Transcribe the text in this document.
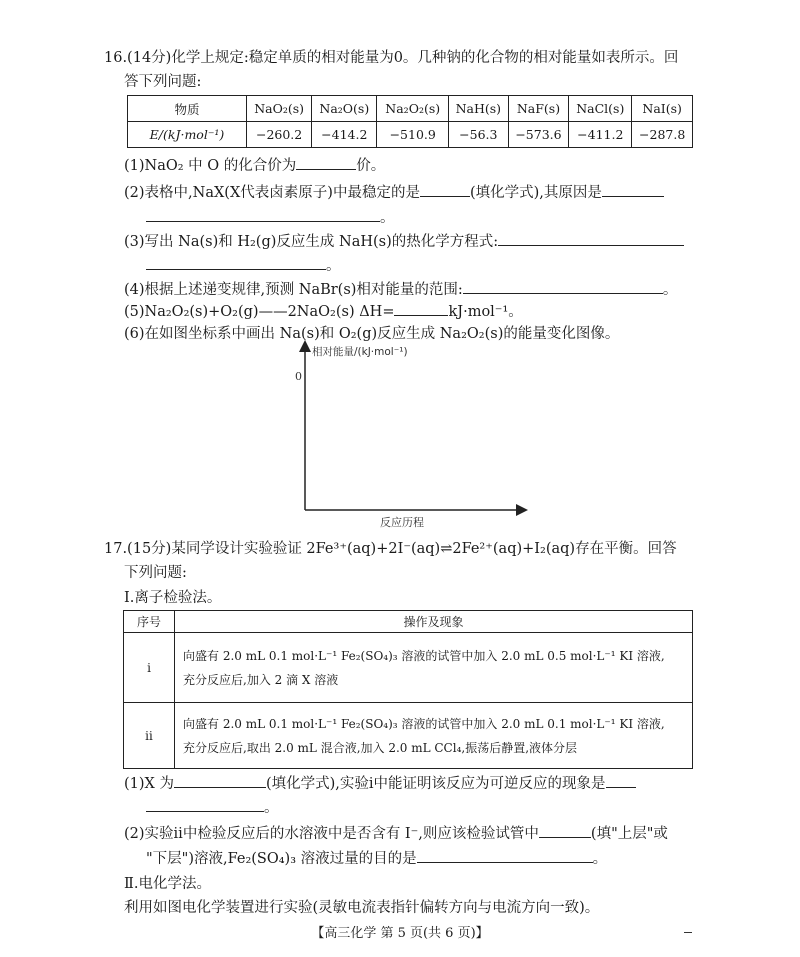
16.(14分)化学上规定:稳定单质的相对能量为0。几种钠的化合物的相对能量如表所示。回
答下列问题:
物质	NaO₂(s)	Na₂O(s)	Na₂O₂(s)	NaH(s)	NaF(s)	NaCl(s)	NaI(s)
E/(kJ·mol⁻¹)	−260.2	−414.2	−510.9	−56.3	−573.6	−411.2	−287.8
(1)NaO₂ 中 O 的化合价为	价。
(2)表格中,NaX(X代表卤素原子)中最稳定的是	(填化学式),其原因是
。
(3)写出 Na(s)和 H₂(g)反应生成 NaH(s)的热化学方程式:
。
(4)根据上述递变规律,预测 NaBr(s)相对能量的范围:	。
(5)Na₂O₂(s)+O₂(g)——2NaO₂(s) ΔH=	kJ·mol⁻¹。
(6)在如图坐标系中画出 Na(s)和 O₂(g)反应生成 Na₂O₂(s)的能量变化图像。
相对能量/(kJ·mol⁻¹)
0
反应历程
17.(15分)某同学设计实验验证 2Fe³⁺(aq)+2I⁻(aq)⇌2Fe²⁺(aq)+I₂(aq)存在平衡。回答
下列问题:
Ⅰ.离子检验法。
序号	操作及现象
ⅰ	向盛有 2.0 mL 0.1 mol·L⁻¹ Fe₂(SO₄)₃ 溶液的试管中加入 2.0 mL 0.5 mol·L⁻¹ KI 溶液,
充分反应后,加入 2 滴 X 溶液

ⅱ	向盛有 2.0 mL 0.1 mol·L⁻¹ Fe₂(SO₄)₃ 溶液的试管中加入 2.0 mL 0.1 mol·L⁻¹ KI 溶液,
充分反应后,取出 2.0 mL 混合液,加入 2.0 mL CCl₄,振荡后静置,液体分层
(1)X 为	(填化学式),实验ⅰ中能证明该反应为可逆反应的现象是
。
(2)实验ⅱ中检验反应后的水溶液中是否含有 I⁻,则应该检验试管中	(填"上层"或
"下层")溶液,Fe₂(SO₄)₃ 溶液过量的目的是	。
Ⅱ.电化学法。
利用如图电化学装置进行实验(灵敏电流表指针偏转方向与电流方向一致)。
【高三化学 第 5 页(共 6 页)】
